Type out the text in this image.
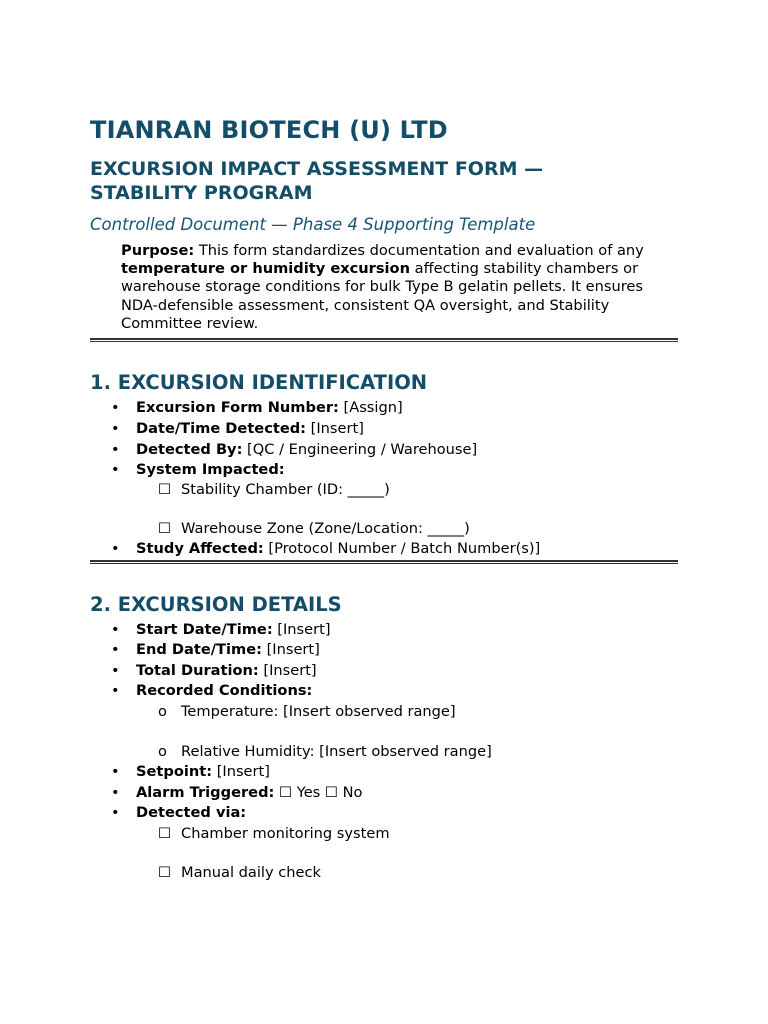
TIANRAN BIOTECH (U) LTD
EXCURSION IMPACT ASSESSMENT FORM — STABILITY PROGRAM

Controlled Document — Phase 4 Supporting Template

Purpose: This form standardizes documentation and evaluation of any temperature or humidity excursion affecting stability chambers or warehouse storage conditions for bulk Type B gelatin pellets. It ensures NDA-defensible assessment, consistent QA oversight, and Stability Committee review.

1. EXCURSION IDENTIFICATION
• Excursion Form Number: [Assign]
• Date/Time Detected: [Insert]
• Detected By: [QC / Engineering / Warehouse]
• System Impacted:
☐ Stability Chamber (ID: _____)
☐ Warehouse Zone (Zone/Location: _____)
• Study Affected: [Protocol Number / Batch Number(s)]
2. EXCURSION DETAILS
• Start Date/Time: [Insert]
• End Date/Time: [Insert]
• Total Duration: [Insert]
• Recorded Conditions:
o Temperature: [Insert observed range]
o Relative Humidity: [Insert observed range]
• Setpoint: [Insert]
• Alarm Triggered: ☐ Yes ☐ No
• Detected via:
☐ Chamber monitoring system
☐ Manual daily check
